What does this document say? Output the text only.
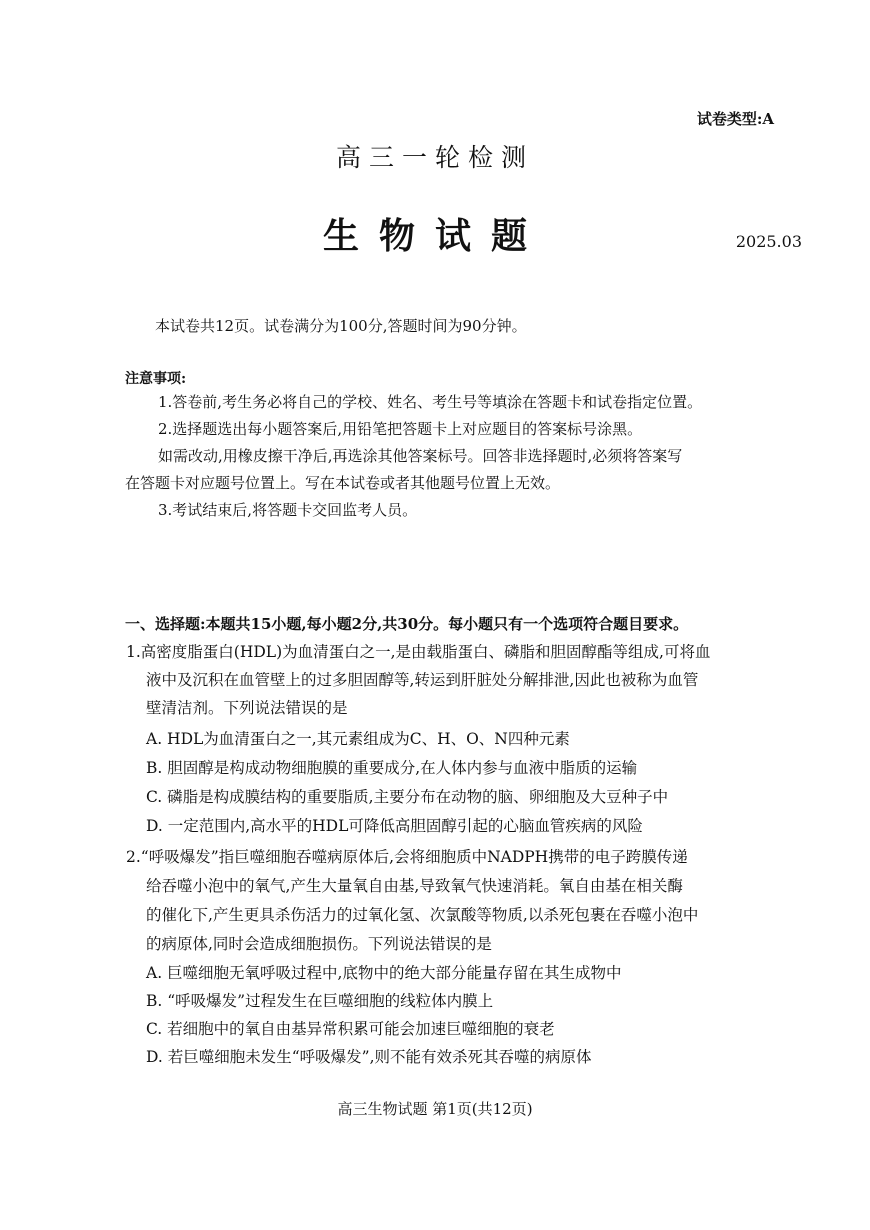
试卷类型:A
高三一轮检测
生物试题	2025.03
本试卷共12页。试卷满分为100分,答题时间为90分钟。
注意事项:
1.答卷前,考生务必将自己的学校、姓名、考生号等填涂在答题卡和试卷指定位置。
2.选择题选出每小题答案后,用铅笔把答题卡上对应题目的答案标号涂黑。
如需改动,用橡皮擦干净后,再选涂其他答案标号。回答非选择题时,必须将答案写
在答题卡对应题号位置上。写在本试卷或者其他题号位置上无效。
3.考试结束后,将答题卡交回监考人员。
一、选择题:本题共15小题,每小题2分,共30分。每小题只有一个选项符合题目要求。
1.高密度脂蛋白(HDL)为血清蛋白之一,是由载脂蛋白、磷脂和胆固醇酯等组成,可将血
液中及沉积在血管壁上的过多胆固醇等,转运到肝脏处分解排泄,因此也被称为血管
壁清洁剂。下列说法错误的是
A. HDL为血清蛋白之一,其元素组成为C、H、O、N四种元素
B. 胆固醇是构成动物细胞膜的重要成分,在人体内参与血液中脂质的运输
C. 磷脂是构成膜结构的重要脂质,主要分布在动物的脑、卵细胞及大豆种子中
D. 一定范围内,高水平的HDL可降低高胆固醇引起的心脑血管疾病的风险
2.“呼吸爆发”指巨噬细胞吞噬病原体后,会将细胞质中NADPH携带的电子跨膜传递
给吞噬小泡中的氧气,产生大量氧自由基,导致氧气快速消耗。氧自由基在相关酶
的催化下,产生更具杀伤活力的过氧化氢、次氯酸等物质,以杀死包裹在吞噬小泡中
的病原体,同时会造成细胞损伤。下列说法错误的是
A. 巨噬细胞无氧呼吸过程中,底物中的绝大部分能量存留在其生成物中
B. “呼吸爆发”过程发生在巨噬细胞的线粒体内膜上
C. 若细胞中的氧自由基异常积累可能会加速巨噬细胞的衰老
D. 若巨噬细胞未发生“呼吸爆发”,则不能有效杀死其吞噬的病原体
高三生物试题 第1页(共12页)
